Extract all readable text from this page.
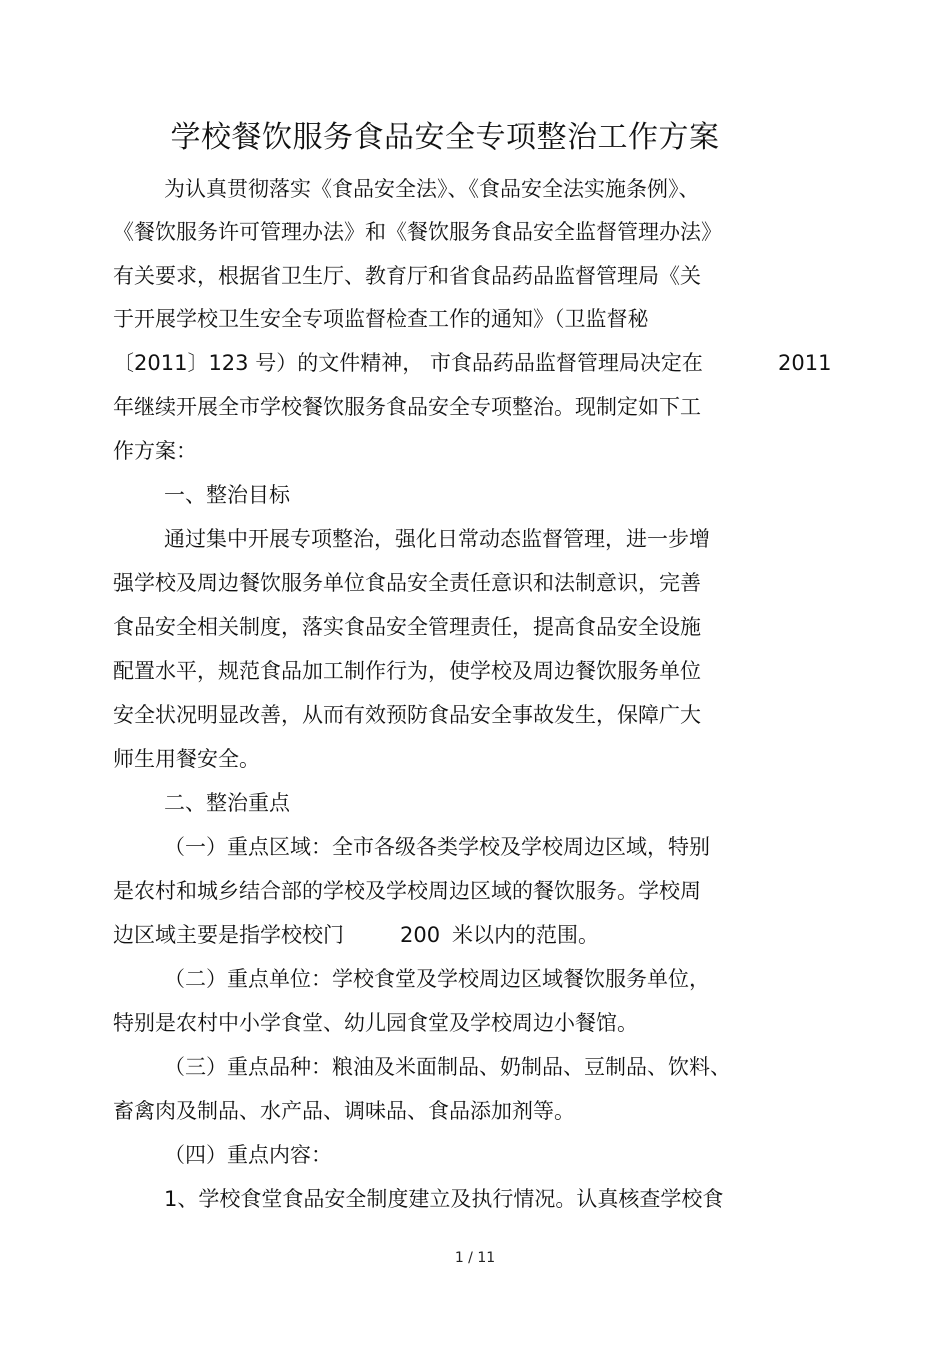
学校餐饮服务食品安全专项整治工作方案
为认真贯彻落实《食品安全法》、《食品安全法实施条例》、
《餐饮服务许可管理办法》和《餐饮服务食品安全监督管理办法》
有关要求，根据省卫生厅、教育厅和省食品药品监督管理局《关
于开展学校卫生安全专项监督检查工作的通知》（卫监督秘
〔2011〕123 号）的文件精神， 市食品药品监督管理局决定在	2011
年继续开展全市学校餐饮服务食品安全专项整治。现制定如下工
作方案：
一、整治目标
通过集中开展专项整治，强化日常动态监督管理，进一步增
强学校及周边餐饮服务单位食品安全责任意识和法制意识，完善
食品安全相关制度，落实食品安全管理责任，提高食品安全设施
配置水平，规范食品加工制作行为，使学校及周边餐饮服务单位
安全状况明显改善，从而有效预防食品安全事故发生，保障广大
师生用餐安全。
二、整治重点
（一）重点区域：全市各级各类学校及学校周边区域，特别
是农村和城乡结合部的学校及学校周边区域的餐饮服务。学校周
边区域主要是指学校校门	200 米以内的范围。
（二）重点单位：学校食堂及学校周边区域餐饮服务单位，
特别是农村中小学食堂、幼儿园食堂及学校周边小餐馆。
（三）重点品种：粮油及米面制品、奶制品、豆制品、饮料、
畜禽肉及制品、水产品、调味品、食品添加剂等。
（四）重点内容：
1、学校食堂食品安全制度建立及执行情况。认真核查学校食
1 / 11
